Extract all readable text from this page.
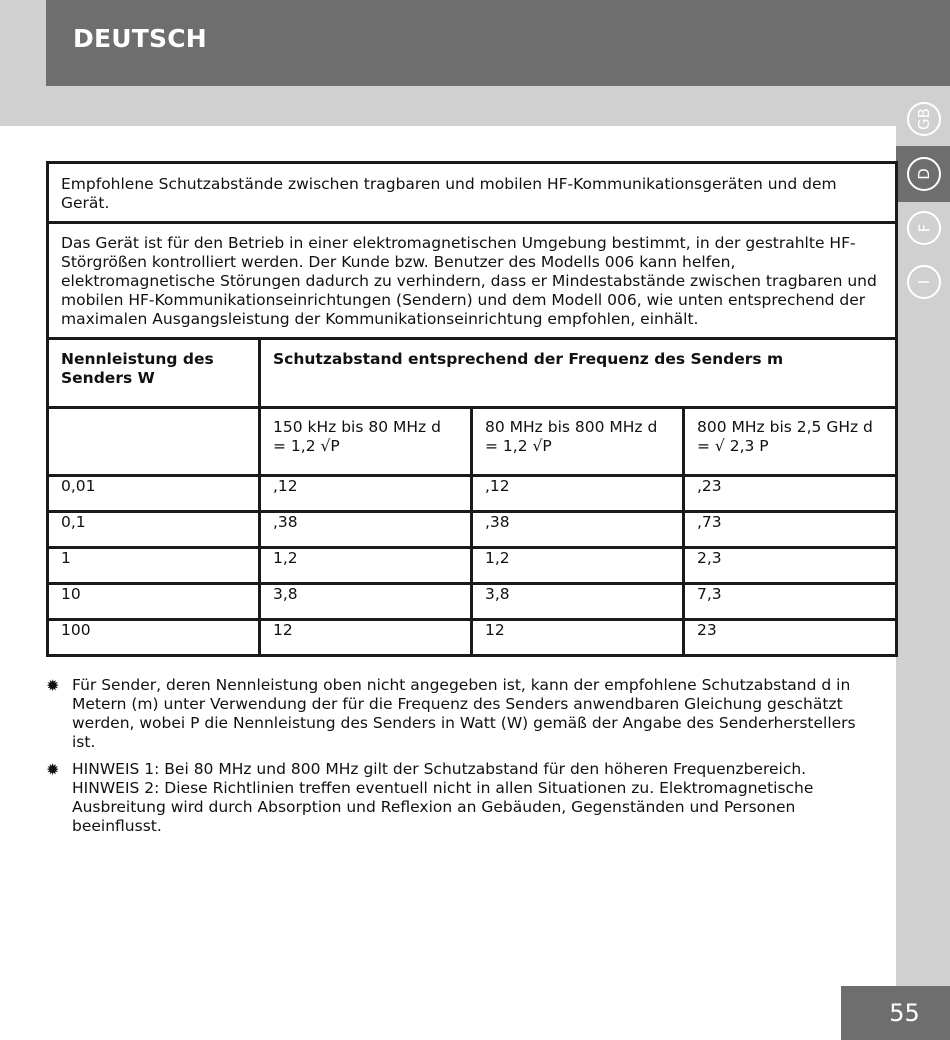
DEUTSCH
GB
D
F
I
Empfohlene Schutzabstände zwischen tragbaren und mobilen HF-Kommunikationsgeräten und dem Gerät.			
Das Gerät ist für den Betrieb in einer elektromagnetischen Umgebung bestimmt, in der gestrahlte HF-Störgrößen kontrolliert werden. Der Kunde bzw. Benutzer des Modells 006 kann helfen, elektromagnetische Störungen dadurch zu verhindern, dass er Mindestabstände zwischen tragbaren und mobilen HF-Kommunikationseinrichtungen (Sendern) und dem Modell 006, wie unten entsprechend der maximalen Ausgangsleistung der Kommunikationseinrichtung empfohlen, einhält.			
Nennleistung des Senders W	Schutzabstand entsprechend der Frequenz des Senders m		
	150 kHz bis 80 MHz d = 1,2 √P	80 MHz bis 800 MHz d = 1,2 √P	800 MHz bis 2,5 GHz d = √ 2,3 P
0,01	,12	,12	,23
0,1	,38	,38	,73
1	1,2	1,2	2,3
10	3,8	3,8	7,3
100	12	12	23
✹ Für Sender, deren Nennleistung oben nicht angegeben ist, kann der empfohlene Schutzabstand d in Metern (m) unter Verwendung der für die Frequenz des Senders anwendbaren Gleichung geschätzt werden, wobei P die Nennleistung des Senders in Watt (W) gemäß der Angabe des Senderherstellers ist.

✹ HINWEIS 1: Bei 80 MHz und 800 MHz gilt der Schutzabstand für den höheren Frequenzbereich.

HINWEIS 2: Diese Richtlinien treffen eventuell nicht in allen Situationen zu. Elektromagnetische Ausbreitung wird durch Absorption und Reflexion an Gebäuden, Gegenständen und Personen beeinflusst.

55
